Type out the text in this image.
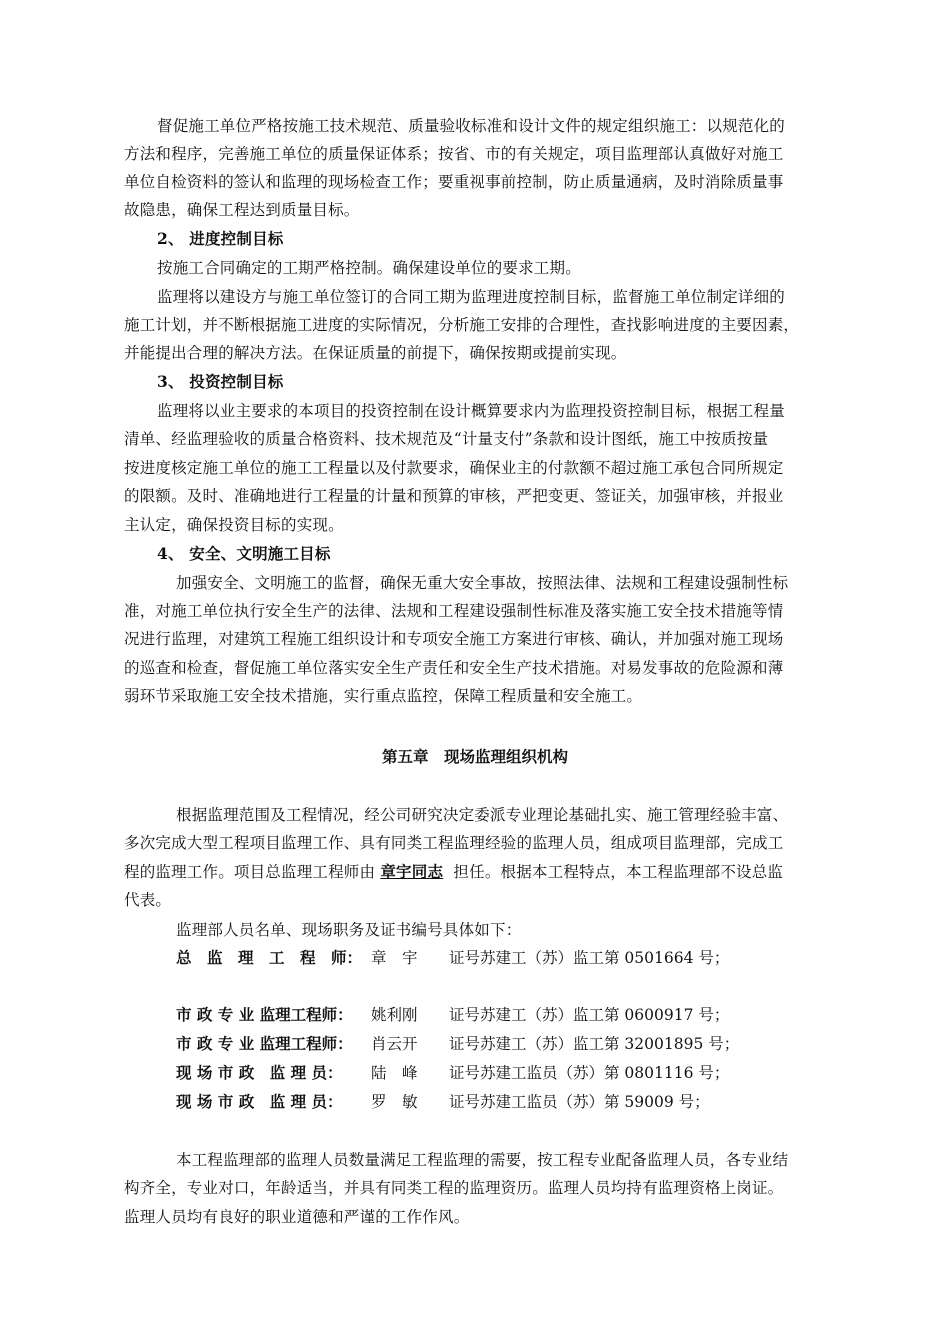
督促施工单位严格按施工技术规范、质量验收标准和设计文件的规定组织施工：以规范化的
方法和程序，完善施工单位的质量保证体系；按省、市的有关规定，项目监理部认真做好对施工
单位自检资料的签认和监理的现场检查工作；要重视事前控制，防止质量通病，及时消除质量事
故隐患，确保工程达到质量目标。
2、 进度控制目标
按施工合同确定的工期严格控制。确保建设单位的要求工期。
监理将以建设方与施工单位签订的合同工期为监理进度控制目标，监督施工单位制定详细的
施工计划，并不断根据施工进度的实际情况，分析施工安排的合理性，查找影响进度的主要因素，
并能提出合理的解决方法。在保证质量的前提下，确保按期或提前实现。
3、 投资控制目标
监理将以业主要求的本项目的投资控制在设计概算要求内为监理投资控制目标，根据工程量
清单、经监理验收的质量合格资料、技术规范及“计量支付”条款和设计图纸，施工中按质按量
按进度核定施工单位的施工工程量以及付款要求，确保业主的付款额不超过施工承包合同所规定
的限额。及时、准确地进行工程量的计量和预算的审核，严把变更、签证关，加强审核，并报业
主认定，确保投资目标的实现。
4、 安全、文明施工目标
加强安全、文明施工的监督，确保无重大安全事故，按照法律、法规和工程建设强制性标
准，对施工单位执行安全生产的法律、法规和工程建设强制性标准及落实施工安全技术措施等情
况进行监理，对建筑工程施工组织设计和专项安全施工方案进行审核、确认，并加强对施工现场
的巡查和检查，督促施工单位落实安全生产责任和安全生产技术措施。对易发事故的危险源和薄
弱环节采取施工安全技术措施，实行重点监控，保障工程质量和安全施工。
第五章　现场监理组织机构
根据监理范围及工程情况，经公司研究决定委派专业理论基础扎实、施工管理经验丰富、
多次完成大型工程项目监理工作、具有同类工程监理经验的监理人员，组成项目监理部，完成工
程的监理工作。项目总监理工程师由 章宇同志 担任。根据本工程特点，本工程监理部不设总监
代表。
监理部人员名单、现场职务及证书编号具体如下：
总　监　理　工　程　师： 章　宇 证号苏建工（苏）监工第 0501664 号；
市 政 专 业 监理工程师： 姚利刚 证号苏建工（苏）监工第 0600917 号；
市 政 专 业 监理工程师： 肖云开 证号苏建工（苏）监工第 32001895 号；
现 场 市 政　监 理 员： 陆　峰 证号苏建工监员（苏）第 0801116 号；
现 场 市 政　监 理 员： 罗　敏 证号苏建工监员（苏）第 59009 号；
本工程监理部的监理人员数量满足工程监理的需要，按工程专业配备监理人员，各专业结
构齐全，专业对口，年龄适当，并具有同类工程的监理资历。监理人员均持有监理资格上岗证。
监理人员均有良好的职业道德和严谨的工作作风。
